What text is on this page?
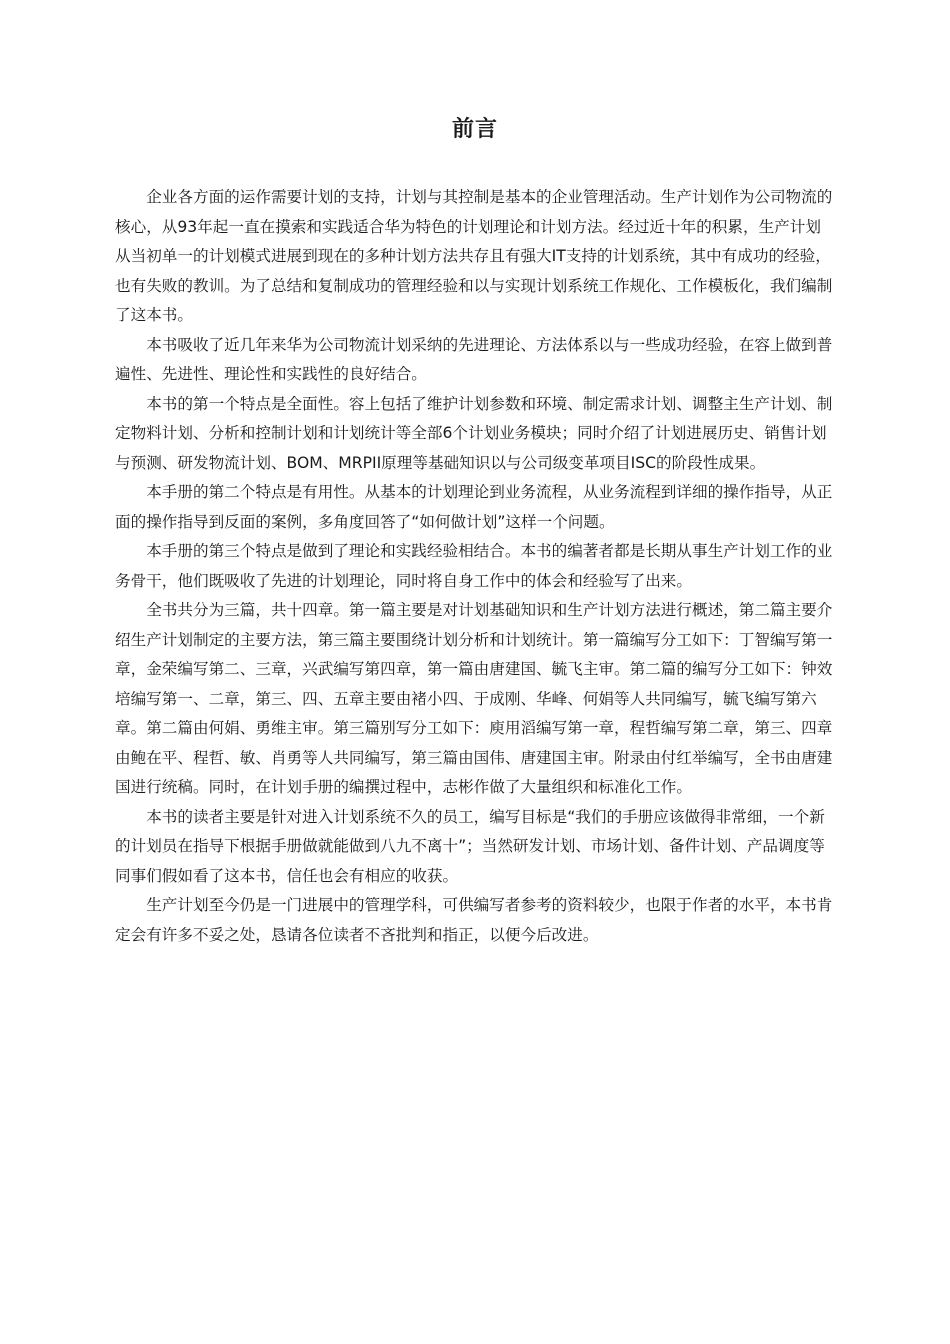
前言

企业各方面的运作需要计划的支持，计划与其控制是基本的企业管理活动。生产计划作为公司物流的核心，从93年起一直在摸索和实践适合华为特色的计划理论和计划方法。经过近十年的积累，生产计划从当初单一的计划模式进展到现在的多种计划方法共存且有强大IT支持的计划系统，其中有成功的经验，也有失败的教训。为了总结和复制成功的管理经验和以与实现计划系统工作规化、工作模板化，我们编制了这本书。

本书吸收了近几年来华为公司物流计划采纳的先进理论、方法体系以与一些成功经验，在容上做到普遍性、先进性、理论性和实践性的良好结合。

本书的第一个特点是全面性。容上包括了维护计划参数和环境、制定需求计划、调整主生产计划、制定物料计划、分析和控制计划和计划统计等全部6个计划业务模块；同时介绍了计划进展历史、销售计划与预测、研发物流计划、BOM、MRPII原理等基础知识以与公司级变革项目ISC的阶段性成果。

本手册的第二个特点是有用性。从基本的计划理论到业务流程，从业务流程到详细的操作指导，从正面的操作指导到反面的案例，多角度回答了“如何做计划”这样一个问题。

本手册的第三个特点是做到了理论和实践经验相结合。本书的编著者都是长期从事生产计划工作的业务骨干，他们既吸收了先进的计划理论，同时将自身工作中的体会和经验写了出来。

全书共分为三篇，共十四章。第一篇主要是对计划基础知识和生产计划方法进行概述，第二篇主要介绍生产计划制定的主要方法，第三篇主要围绕计划分析和计划统计。第一篇编写分工如下：丁智编写第一章，金荣编写第二、三章，兴武编写第四章，第一篇由唐建国、毓飞主审。第二篇的编写分工如下：钟效培编写第一、二章，第三、四、五章主要由褚小四、于成刚、华峰、何娟等人共同编写，毓飞编写第六章。第二篇由何娟、勇维主审。第三篇别写分工如下：庾用滔编写第一章，程哲编写第二章，第三、四章由鲍在平、程哲、敏、肖勇等人共同编写，第三篇由国伟、唐建国主审。附录由付红举编写，全书由唐建国进行统稿。同时，在计划手册的编撰过程中，志彬作做了大量组织和标准化工作。

本书的读者主要是针对进入计划系统不久的员工，编写目标是“我们的手册应该做得非常细，一个新的计划员在指导下根据手册做就能做到八九不离十”；当然研发计划、市场计划、备件计划、产品调度等同事们假如看了这本书，信任也会有相应的收获。

生产计划至今仍是一门进展中的管理学科，可供编写者参考的资料较少，也限于作者的水平，本书肯定会有许多不妥之处，恳请各位读者不吝批判和指正，以便今后改进。
